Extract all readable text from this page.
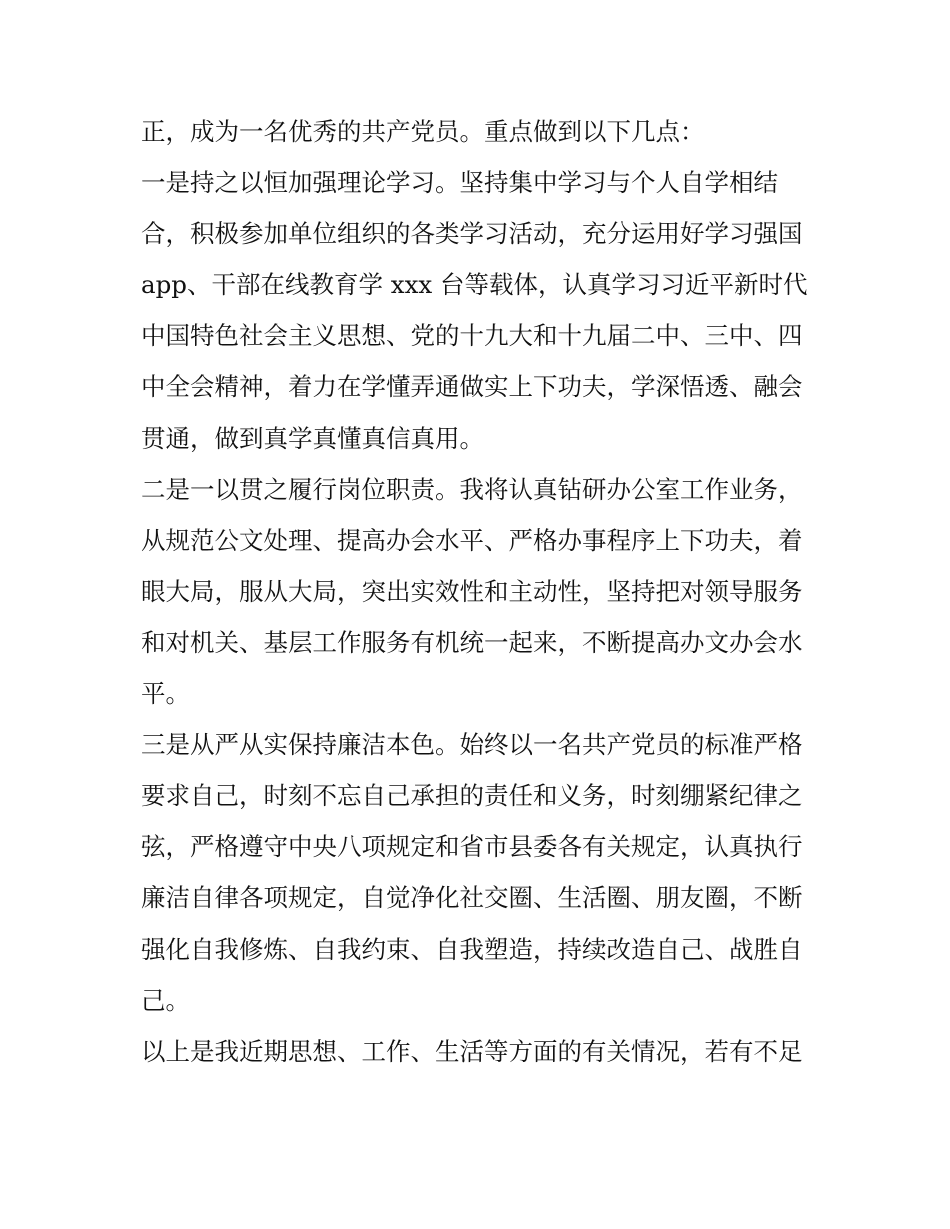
正，成为一名优秀的共产党员。重点做到以下几点：
一是持之以恒加强理论学习。坚持集中学习与个人自学相结
合，积极参加单位组织的各类学习活动，充分运用好学习强国
app、干部在线教育学 xxx 台等载体，认真学习习近平新时代
中国特色社会主义思想、党的十九大和十九届二中、三中、四
中全会精神，着力在学懂弄通做实上下功夫，学深悟透、融会
贯通，做到真学真懂真信真用。
二是一以贯之履行岗位职责。我将认真钻研办公室工作业务，
从规范公文处理、提高办会水平、严格办事程序上下功夫，着
眼大局，服从大局，突出实效性和主动性，坚持把对领导服务
和对机关、基层工作服务有机统一起来，不断提高办文办会水
平。
三是从严从实保持廉洁本色。始终以一名共产党员的标准严格
要求自己，时刻不忘自己承担的责任和义务，时刻绷紧纪律之
弦，严格遵守中央八项规定和省市县委各有关规定，认真执行
廉洁自律各项规定，自觉净化社交圈、生活圈、朋友圈，不断
强化自我修炼、自我约束、自我塑造，持续改造自己、战胜自
己。
以上是我近期思想、工作、生活等方面的有关情况，若有不足
